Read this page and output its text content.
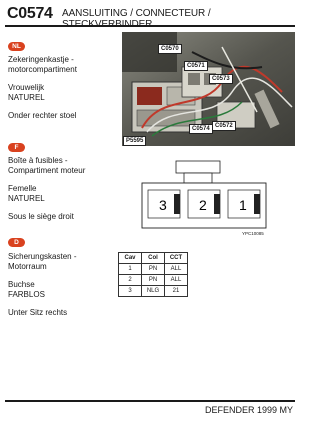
C0574 AANSLUITING / CONNECTEUR /
NL
Zekeringenkastje -
motorcompartiment
Vrouwelijk
NATUREL
Onder rechter stoel
F
Boîte à fusibles -
Compartiment moteur
Femelle
NATUREL
Sous le siège droit
D
Sicherungskasten -
Motorraum
Buchse
FARBLOS
Unter Sitz rechts
C0570
C0571
C0573
C0572
C0574
P5595
3 2 1
YPC10085
Cav	Col	CCT
1	PN	ALL
2	PN	ALL
3	NLG	21
DEFENDER 1999 MY
